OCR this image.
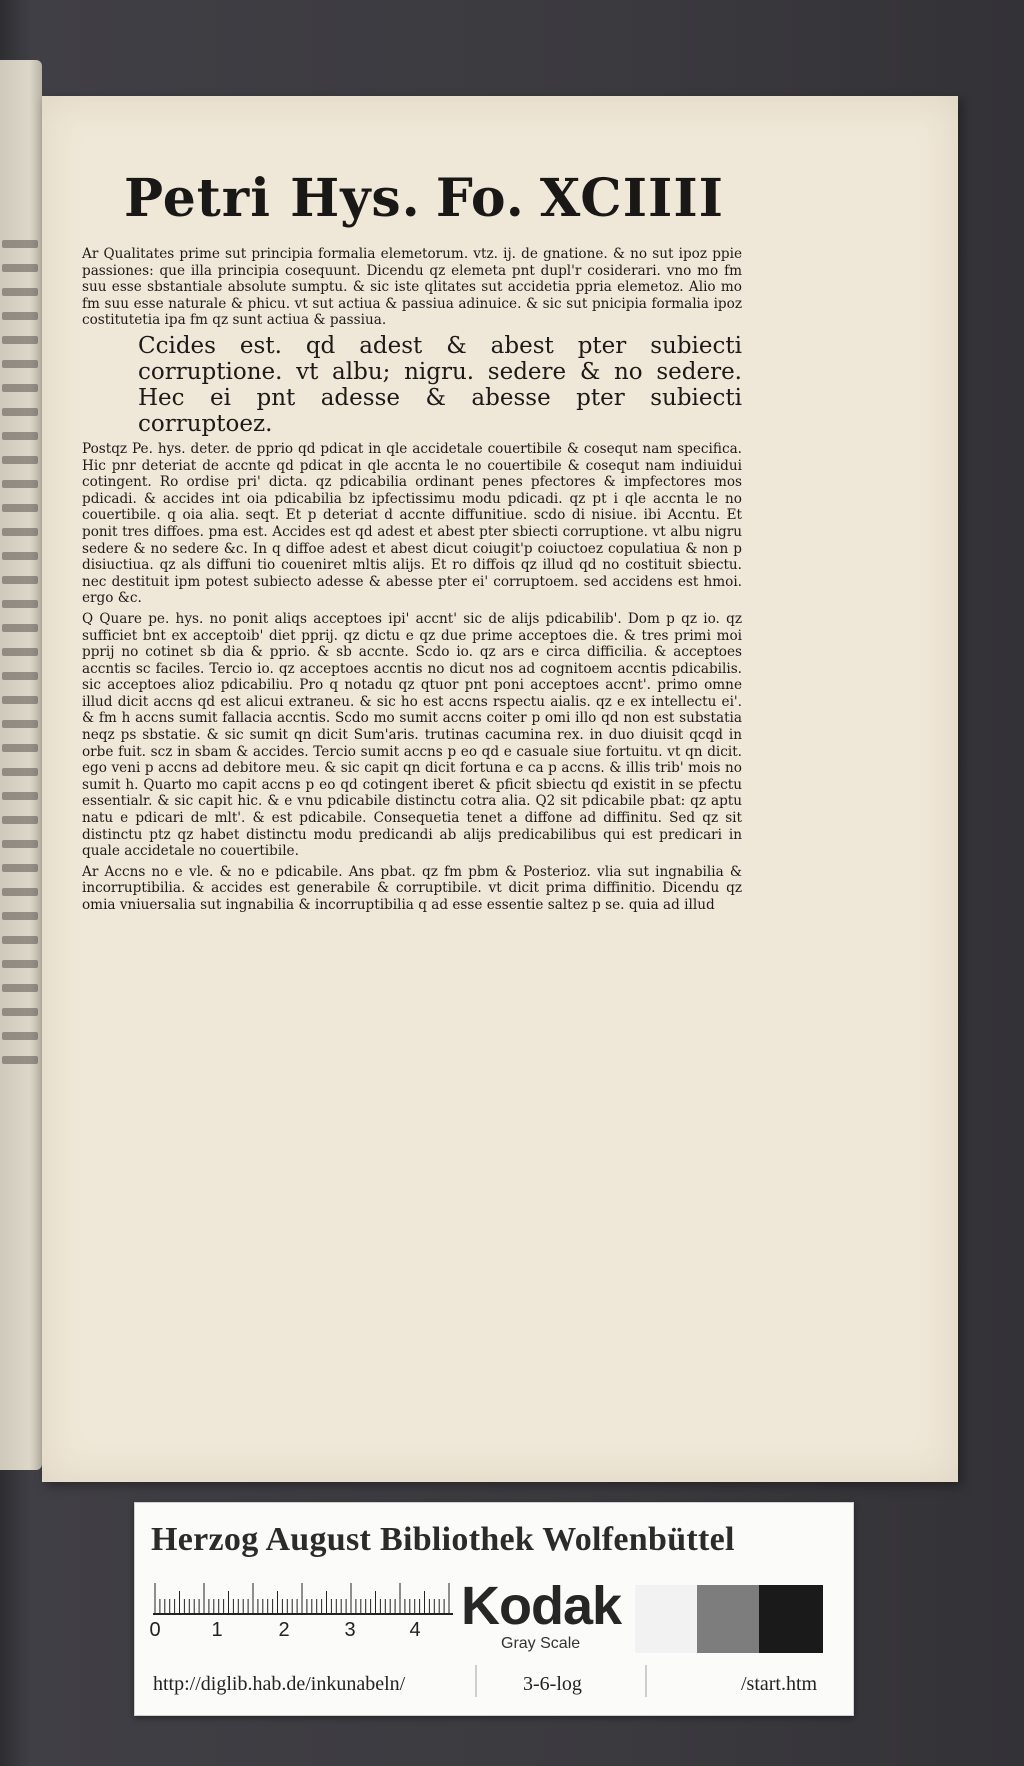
Petri Hys. Fo. XCIIII

Ar Qualitates prime sut principia formalia elemetorum. vtz. ij. de gnatione. & no sut ipoz ppie passiones: que illa principia cosequunt. Dicendu qz elemeta pnt dupl'r cosiderari. vno mo fm suu esse sbstantiale absolute sumptu. & sic iste qlitates sut accidetia ppria elemetoz. Alio mo fm suu esse naturale & phicu. vt sut actiua & passiua adinuice. & sic sut pnicipia formalia ipoz costitutetia ipa fm qz sunt actiua & passiua.

Ccides est. qd adest & abest pter subiecti corruptione. vt albu; nigru. sedere & no sedere. Hec ei pnt adesse & abesse pter subiecti corruptoez.

Postqz Pe. hys. deter. de pprio qd pdicat in qle accidetale couertibile & cosequt nam specifica. Hic pnr deteriat de accnte qd pdicat in qle accnta le no couertibile & cosequt nam indiuidui cotingent. Ro ordise pri' dicta. qz pdicabilia ordinant penes pfectores & impfectores mos pdicadi. & accides int oia pdicabilia bz ipfectissimu modu pdicadi. qz pt i qle accnta le no couertibile. q oia alia. seqt. Et p deteriat d accnte diffunitiue. scdo di nisiue. ibi Accntu. Et ponit tres diffoes. pma est. Accides est qd adest et abest pter sbiecti corruptione. vt albu nigru sedere & no sedere &c. In q diffoe adest et abest dicut coiugit'p coiuctoez copulatiua & non p disiuctiua. qz als diffuni tio coueniret mltis alijs. Et ro diffois qz illud qd no costituit sbiectu. nec destituit ipm potest subiecto adesse & abesse pter ei' corruptoem. sed accidens est hmoi. ergo &c.

Q Quare pe. hys. no ponit aliqs acceptoes ipi' accnt' sic de alijs pdicabilib'. Dom p qz io. qz sufficiet bnt ex acceptoib' diet pprij. qz dictu e qz due prime acceptoes die. & tres primi moi pprij no cotinet sb dia & pprio. & sb accnte. Scdo io. qz ars e circa difficilia. & acceptoes accntis sc faciles. Tercio io. qz acceptoes accntis no dicut nos ad cognitoem accntis pdicabilis. sic acceptoes alioz pdicabiliu. Pro q notadu qz qtuor pnt poni acceptoes accnt'. primo omne illud dicit accns qd est alicui extraneu. & sic ho est accns rspectu aialis. qz e ex intellectu ei'. & fm h accns sumit fallacia accntis. Scdo mo sumit accns coiter p omi illo qd non est substatia neqz ps sbstatie. & sic sumit qn dicit Sum'aris. trutinas cacumina rex. in duo diuisit qcqd in orbe fuit. scz in sbam & accides. Tercio sumit accns p eo qd e casuale siue fortuitu. vt qn dicit. ego veni p accns ad debitore meu. & sic capit qn dicit fortuna e ca p accns. & illis trib' mois no sumit h. Quarto mo capit accns p eo qd cotingent iberet & pficit sbiectu qd existit in se pfectu essentialr. & sic capit hic. & e vnu pdicabile distinctu cotra alia. Q2 sit pdicabile pbat: qz aptu natu e pdicari de mlt'. & est pdicabile. Consequetia tenet a diffone ad diffinitu. Sed qz sit distinctu ptz qz habet distinctu modu predicandi ab alijs predicabilibus qui est predicari in quale accidetale no couertibile.

Ar Accns no e vle. & no e pdicabile. Ans pbat. qz fm pbm & Posterioz. vlia sut ingnabilia & incorruptibilia. & accides est generabile & corruptibile. vt dicit prima diffinitio. Dicendu qz omia vniuersalia sut ingnabilia & incorruptibilia q ad esse essentie saltez p se. quia ad illud

Herzog August Bibliothek Wolfenbüttel
0	1	2	3	4 Kodak
Gray Scale
http://diglib.hab.de/inkunabeln/	3-6-log	/start.htm
